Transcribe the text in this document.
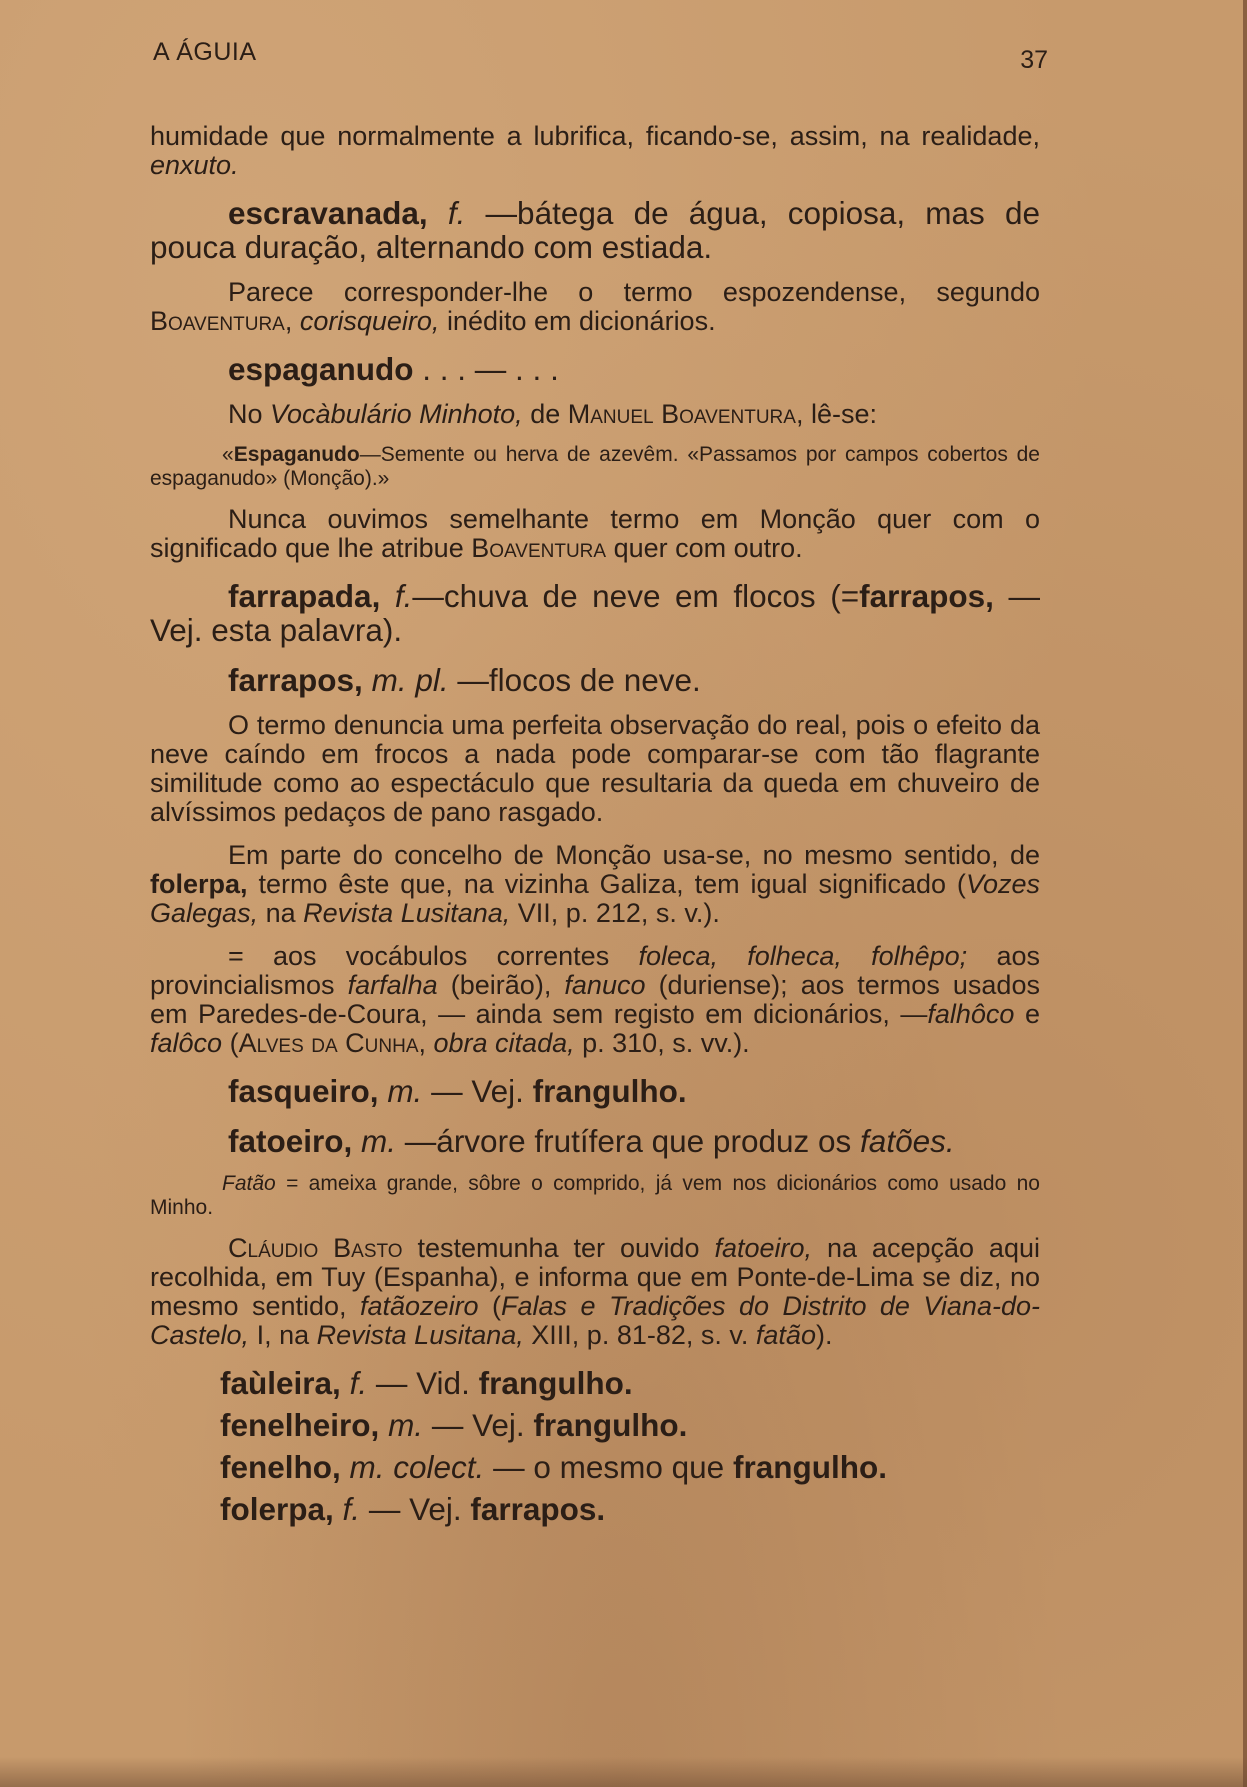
A ÁGUIA	37

humidade que normalmente a lubrifica, ficando-se, assim, na realidade, enxuto.

escravanada, f. —bátega de água, copiosa, mas de pouca duração, alternando com estiada.

Parece corresponder-lhe o termo espozendense, segundo Boaventura, corisqueiro, inédito em dicionários.

espaganudo . . . — . . .

No Vocàbulário Minhoto, de Manuel Boaventura, lê-se:

«Espaganudo—Semente ou herva de azevêm. «Passamos por campos cobertos de espaganudo» (Monção).»

Nunca ouvimos semelhante termo em Monção quer com o significado que lhe atribue Boaventura quer com outro.

farrapada, f.—chuva de neve em flocos (=farrapos, — Vej. esta palavra).

farrapos, m. pl. —flocos de neve.

O termo denuncia uma perfeita observação do real, pois o efeito da neve caíndo em frocos a nada pode comparar-se com tão flagrante similitude como ao espectáculo que resultaria da queda em chuveiro de alvíssimos pedaços de pano rasgado.

Em parte do concelho de Monção usa-se, no mesmo sentido, de folerpa, termo êste que, na vizinha Galiza, tem igual significado (Vozes Galegas, na Revista Lusitana, VII, p. 212, s. v.).

= aos vocábulos correntes foleca, folheca, folhêpo; aos provincialismos farfalha (beirão), fanuco (duriense); aos termos usados em Paredes-de-Coura, — ainda sem registo em dicionários, —falhôco e falôco (Alves da Cunha, obra citada, p. 310, s. vv.).

fasqueiro, m. — Vej. frangulho.

fatoeiro, m. —árvore frutífera que produz os fatões.

Fatão = ameixa grande, sôbre o comprido, já vem nos dicionários como usado no Minho.

Cláudio Basto testemunha ter ouvido fatoeiro, na acepção aqui recolhida, em Tuy (Espanha), e informa que em Ponte-de-Lima se diz, no mesmo sentido, fatãozeiro (Falas e Tradições do Distrito de Viana-do-Castelo, I, na Revista Lusitana, XIII, p. 81-82, s. v. fatão).

faùleira, f. — Vid. frangulho.

fenelheiro, m. — Vej. frangulho.

fenelho, m. colect. — o mesmo que frangulho.

folerpa, f. — Vej. farrapos.
